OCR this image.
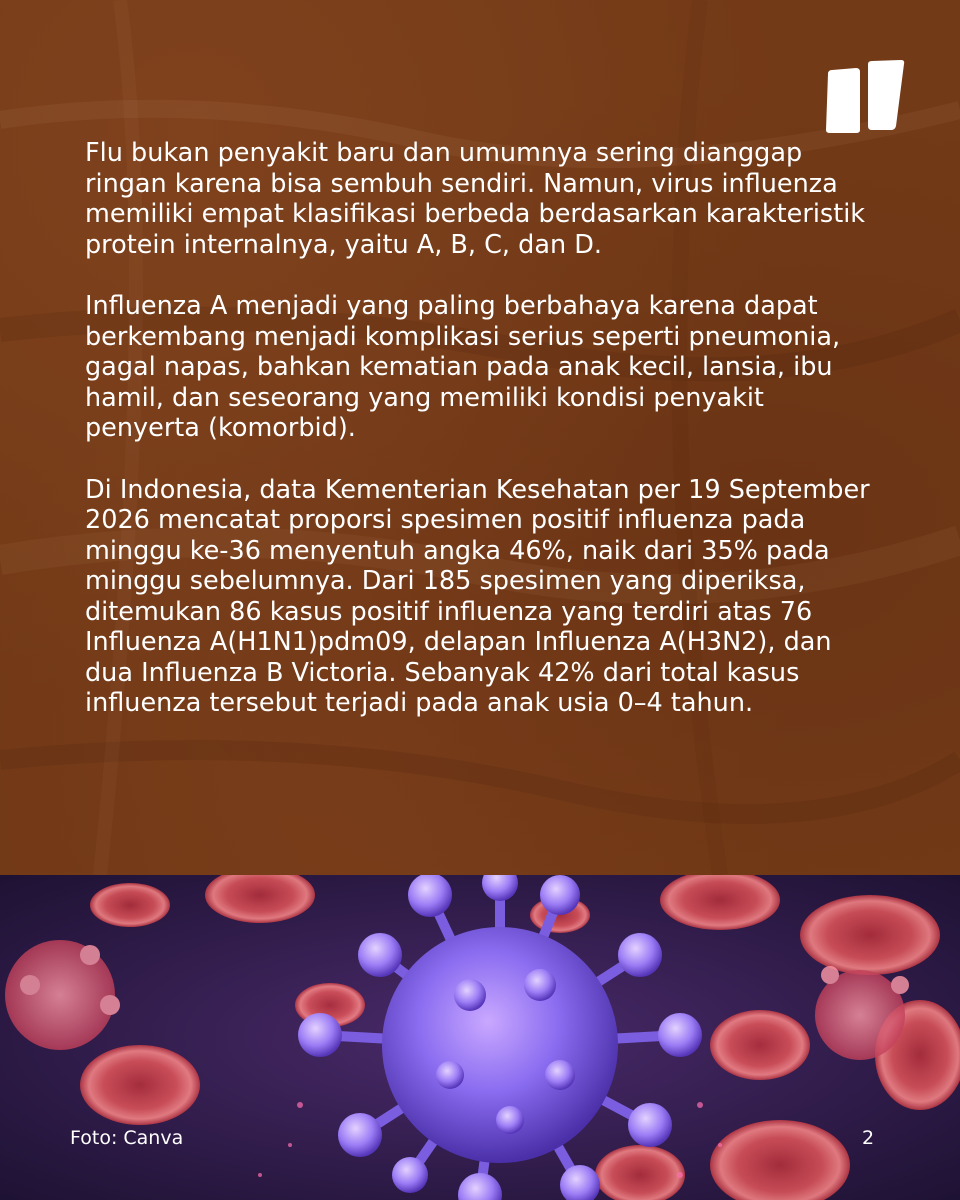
Flu bukan penyakit baru dan umumnya sering dianggap ringan karena bisa sembuh sendiri. Namun, virus influenza memiliki empat klasifikasi berbeda berdasarkan karakteristik protein internalnya, yaitu A, B, C, dan D.

Influenza A menjadi yang paling berbahaya karena dapat berkembang menjadi komplikasi serius seperti pneumonia, gagal napas, bahkan kematian pada anak kecil, lansia, ibu hamil, dan seseorang yang memiliki kondisi penyakit penyerta (komorbid).

Di Indonesia, data Kementerian Kesehatan per 19 September 2026 mencatat proporsi spesimen positif influenza pada minggu ke-36 menyentuh angka 46%, naik dari 35% pada minggu sebelumnya. Dari 185 spesimen yang diperiksa, ditemukan 86 kasus positif influenza yang terdiri atas 76 Influenza A(H1N1)pdm09, delapan Influenza A(H3N2), dan dua Influenza B Victoria. Sebanyak 42% dari total kasus influenza tersebut terjadi pada anak usia 0–4 tahun.

Foto: Canva	2
